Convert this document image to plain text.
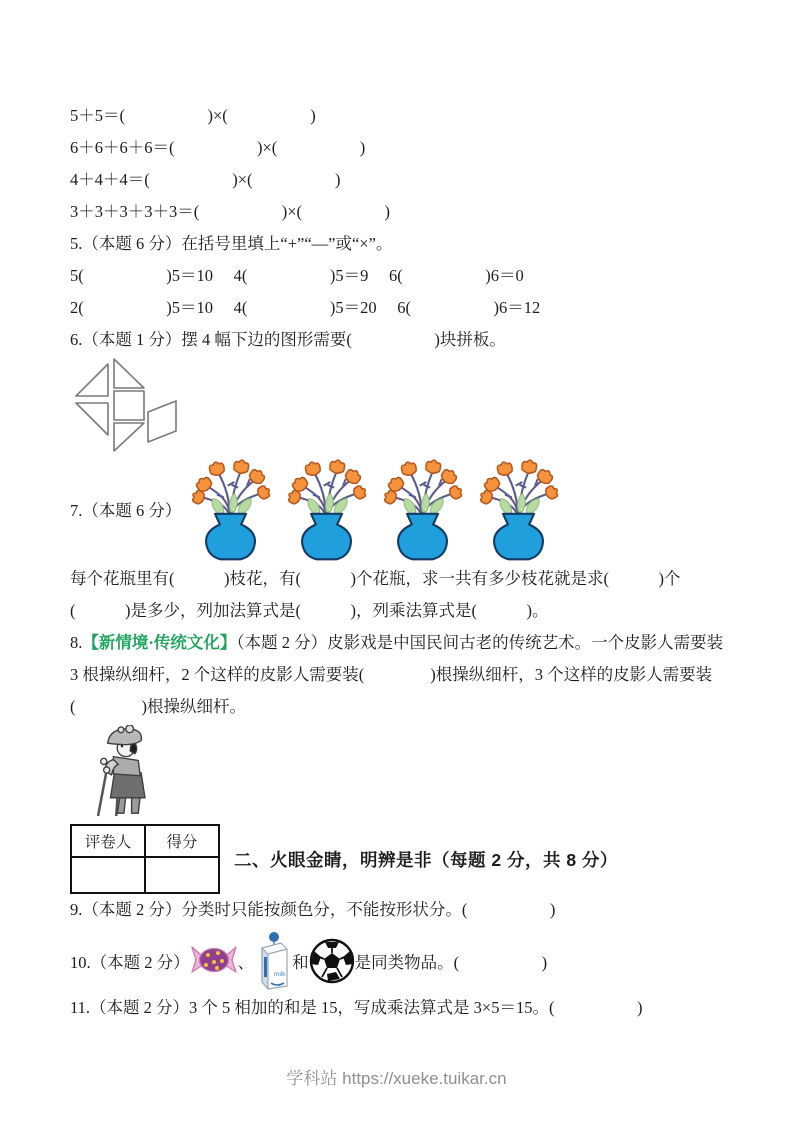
5＋5＝(　　　　　)×(　　　　　)

6＋6＋6＋6＝(　　　　　)×(　　　　　)

4＋4＋4＝(　　　　　)×(　　　　　)

3＋3＋3＋3＋3＝(　　　　　)×(　　　　　)

5.（本题 6 分）在括号里填上“+”“—”或“×”。

5(　　　　　)5＝10　 4(　　　　　)5＝9　 6(　　　　　)6＝0

2(　　　　　)5＝10　 4(　　　　　)5＝20　 6(　　　　　)6＝12

6.（本题 1 分）摆 4 幅下边的图形需要(　　　　　)块拼板。

7.（本题 6 分）

每个花瓶里有(　　　)枝花，有(　　　)个花瓶，求一共有多少枝花就是求(　　　)个(　　　)是多少，列加法算式是(　　　)，列乘法算式是(　　　)。

8.【新情境·传统文化】（本题 2 分）皮影戏是中国民间古老的传统艺术。一个皮影人需要装 3 根操纵细杆，2 个这样的皮影人需要装(　　　　)根操纵细杆，3 个这样的皮影人需要装(　　　　)根操纵细杆。

评卷人	得分

二、火眼金睛，明辨是非（每题 2 分，共 8 分）

9.（本题 2 分）分类时只能按颜色分，不能按形状分。(　　　　　)

10.（本题 2 分）	、
milk
和	是同类物品。(　　　　　)

11.（本题 2 分）3 个 5 相加的和是 15，写成乘法算式是 3×5＝15。(　　　　　)

学科站 https://xueke.tuikar.cn
